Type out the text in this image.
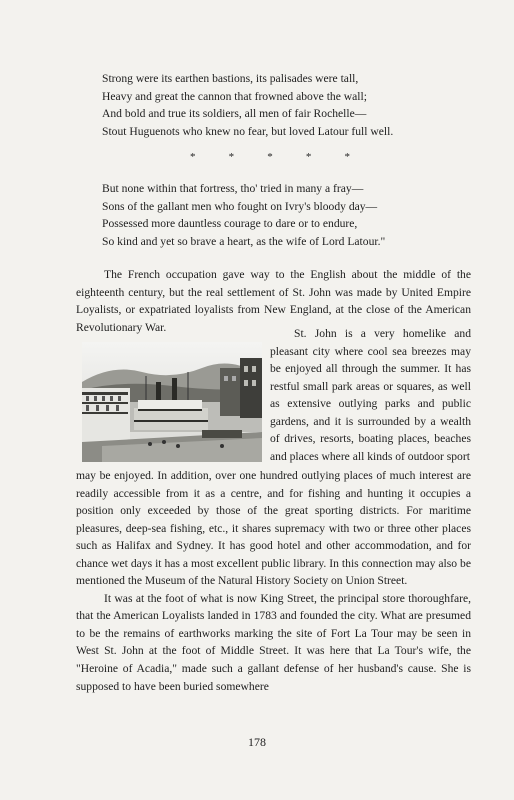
Strong were its earthen bastions, its palisades were tall,
Heavy and great the cannon that frowned above the wall;
And bold and true its soldiers, all men of fair Rochelle—
Stout Huguenots who knew no fear, but loved Latour full well.
*	*	*	*	*
But none within that fortress, tho' tried in many a fray—
Sons of the gallant men who fought on Ivry's bloody day—
Possessed more dauntless courage to dare or to endure,
So kind and yet so brave a heart, as the wife of Lord Latour."

The French occupation gave way to the English about the middle of the eighteenth century, but the real settlement of St. John was made by United Empire Loyalists, or expatriated loyalists from New England, at the close of the American Revolutionary War.	St. John is a very homelike and pleasant city where cool sea breezes may be enjoyed all through the summer. It has restful small park areas or squares, as well as extensive outlying parks and public gardens, and it is surrounded by a wealth of drives, resorts, boating places, beaches and places where all kinds of outdoor sport

may be enjoyed. In addition, over one hundred outlying places of much interest are readily accessible from it as a centre, and for fishing and hunting it occupies a position only exceeded by those of the great sporting districts. For maritime pleasures, deep-sea fishing, etc., it shares supremacy with two or three other places such as Halifax and Sydney. It has good hotel and other accommodation, and for chance wet days it has a most excellent public library. In this connection may also be mentioned the Museum of the Natural History Society on Union Street.

It was at the foot of what is now King Street, the principal store thoroughfare, that the American Loyalists landed in 1783 and founded the city. What are presumed to be the remains of earthworks marking the site of Fort La Tour may be seen in West St. John at the foot of Middle Street. It was here that La Tour's wife, the "Heroine of Acadia," made such a gallant defense of her husband's cause. She is supposed to have been buried somewhere

178
